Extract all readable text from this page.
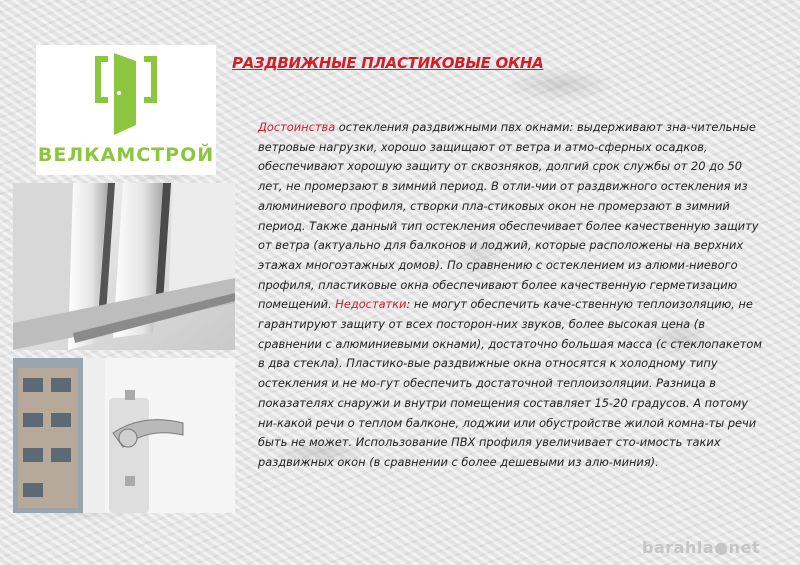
ВЕЛКАМСТРОЙ
РАЗДВИЖНЫЕ ПЛАСТИКОВЫЕ ОКНА

Достоинства остекления раздвижными пвх окнами: выдерживают зна-чительные ветровые нагрузки, хорошо защищают от ветра и атмо-сферных осадков, обеспечивают хорошую защиту от сквозняков, долгий срок службы от 20 до 50 лет, не промерзают в зимний период. В отли-чии от раздвижного остекления из алюминиевого профиля, створки пла-стиковых окон не промерзают в зимний период. Также данный тип остекления обеспечивает более качественную защиту от ветра (актуально для балконов и лоджий, которые расположены на верхних этажах многоэтажных домов). По сравнению с остеклением из алюми-ниевого профиля, пластиковые окна обеспечивают более качественную герметизацию помещений. Недостатки: не могут обеспечить каче-ственную теплоизоляцию, не гарантируют защиту от всех посторон-них звуков, более высокая цена (в сравнении с алюминиевыми окнами), достаточно большая масса (с стеклопакетом в два стекла). Пластико-вые раздвижные окна относятся к холодному типу остекления и не мо-гут обеспечить достаточной теплоизоляции. Разница в показателях снаружи и внутри помещения составляет 15-20 градусов. А потому ни-какой речи о теплом балконе, лоджии или обустройстве жилой комна-ты речи быть не может. Использование ПВХ профиля увеличивает сто-имость таких раздвижных окон (в сравнении с более дешевыми из алю-миния).

barahla●net
